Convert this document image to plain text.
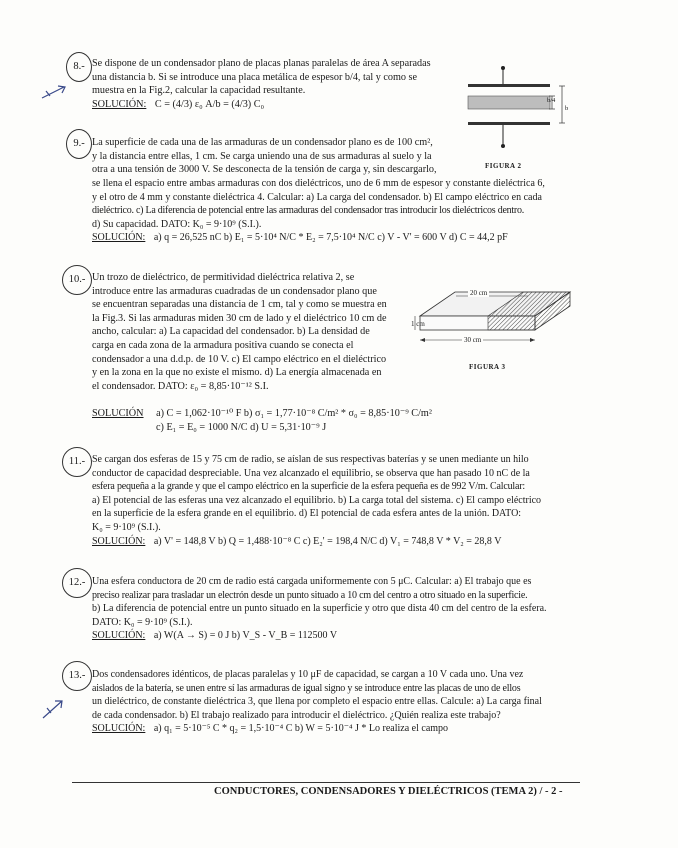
8.- Se dispone de un condensador plano de placas planas paralelas de área A separadas
una distancia b. Si se introduce una placa metálica de espesor b/4, tal y como se
muestra en la Fig.2, calcular la capacidad resultante.
SOLUCIÓN: C = (4/3) ε₀ A/b = (4/3) C₀	b/4
b
FIGURA 2
9.- La superficie de cada una de las armaduras de un condensador plano es de 100 cm²,
y la distancia entre ellas, 1 cm. Se carga uniendo una de sus armaduras al suelo y la
otra a una tensión de 3000 V. Se desconecta de la tensión de carga y, sin descargarlo,
se llena el espacio entre ambas armaduras con dos dieléctricos, uno de 6 mm de espesor y constante dieléctrica 6,
y el otro de 4 mm y constante dieléctrica 4. Calcular: a) La carga del condensador. b) El campo eléctrico en cada
dieléctrico. c) La diferencia de potencial entre las armaduras del condensador tras introducir los dieléctricos dentro.
d) Su capacidad. DATO: K₀ = 9·10⁹ (S.I.).
SOLUCIÓN: a) q = 26,525 nC b) E₁ = 5·10⁴ N/C * E₂ = 7,5·10⁴ N/C c) V - V' = 600 V d) C = 44,2 pF
10.- Un trozo de dieléctrico, de permitividad dieléctrica relativa 2, se
introduce entre las armaduras cuadradas de un condensador plano que
se encuentran separadas una distancia de 1 cm, tal y como se muestra en
la Fig.3. Si las armaduras miden 30 cm de lado y el dieléctrico 10 cm de
ancho, calcular: a) La capacidad del condensador. b) La densidad de
carga en cada zona de la armadura positiva cuando se conecta el
condensador a una d.d.p. de 10 V. c) El campo eléctrico en el dieléctrico
y en la zona en la que no existe el mismo. d) La energía almacenada en
el condensador. DATO: ε₀ = 8,85·10⁻¹² S.I.
SOLUCIÓN a) C = 1,062·10⁻¹⁰ F b) σ₁ = 1,77·10⁻⁸ C/m² * σ₀ = 8,85·10⁻⁹ C/m²
c) E₁ = E₀ = 1000 N/C d) U = 5,31·10⁻⁹ J
20 cm
30 cm
1 cm
FIGURA 3
11.- Se cargan dos esferas de 15 y 75 cm de radio, se aíslan de sus respectivas baterías y se unen mediante un hilo
conductor de capacidad despreciable. Una vez alcanzado el equilibrio, se observa que han pasado 10 nC de la
esfera pequeña a la grande y que el campo eléctrico en la superficie de la esfera pequeña es de 992 V/m. Calcular:
a) El potencial de las esferas una vez alcanzado el equilibrio. b) La carga total del sistema. c) El campo eléctrico
en la superficie de la esfera grande en el equilibrio. d) El potencial de cada esfera antes de la unión. DATO:
K₀ = 9·10⁹ (S.I.).
SOLUCIÓN: a) V' = 148,8 V b) Q = 1,488·10⁻⁸ C c) E₂' = 198,4 N/C d) V₁ = 748,8 V * V₂ = 28,8 V
12.- Una esfera conductora de 20 cm de radio está cargada uniformemente con 5 μC. Calcular: a) El trabajo que es
preciso realizar para trasladar un electrón desde un punto situado a 10 cm del centro a otro situado en la superficie.
b) La diferencia de potencial entre un punto situado en la superficie y otro que dista 40 cm del centro de la esfera.
DATO: K₀ = 9·10⁹ (S.I.).
SOLUCIÓN: a) W(A → S) = 0 J b) V_S - V_B = 112500 V
13.- Dos condensadores idénticos, de placas paralelas y 10 μF de capacidad, se cargan a 10 V cada uno. Una vez
aislados de la batería, se unen entre sí las armaduras de igual signo y se introduce entre las placas de uno de ellos
un dieléctrico, de constante dieléctrica 3, que llena por completo el espacio entre ellas. Calcule: a) La carga final
de cada condensador. b) El trabajo realizado para introducir el dieléctrico. ¿Quién realiza este trabajo?
SOLUCIÓN: a) q₁ = 5·10⁻⁵ C * q₂ = 1,5·10⁻⁴ C b) W = 5·10⁻⁴ J * Lo realiza el campo
CONDUCTORES, CONDENSADORES Y DIELÉCTRICOS (TEMA 2) / - 2 -
